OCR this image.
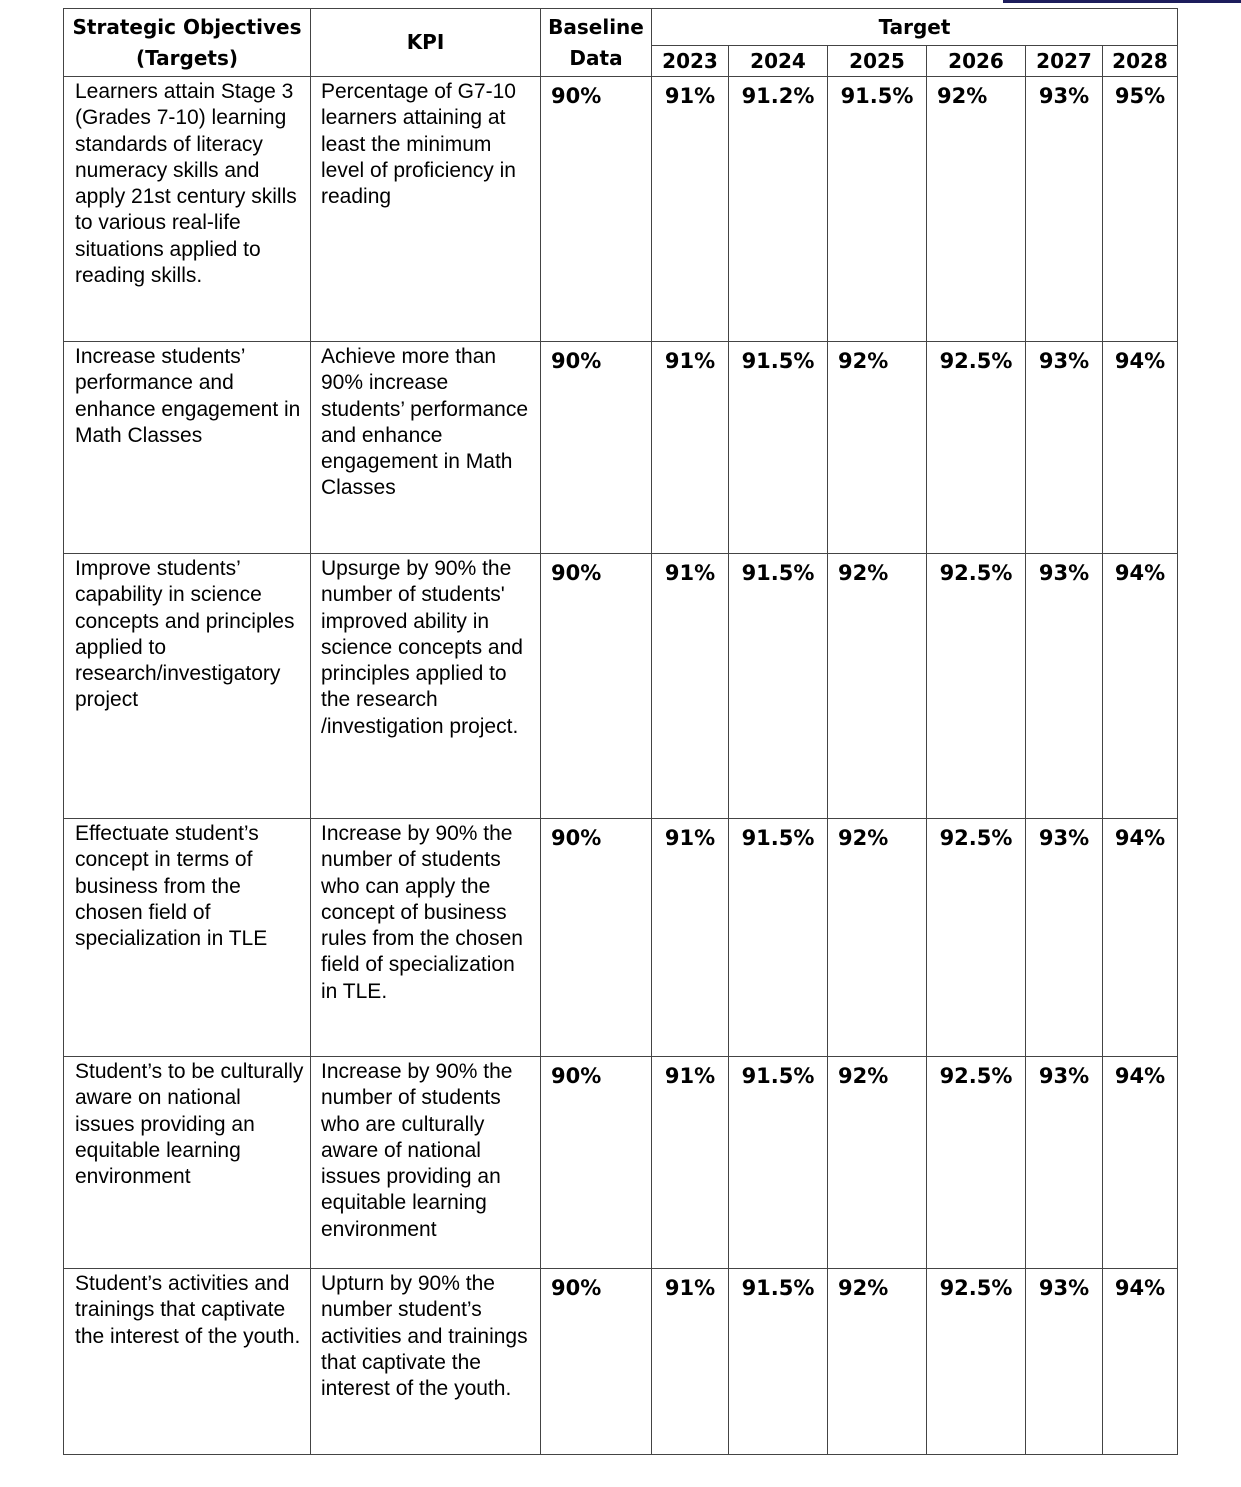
Strategic Objectives (Targets)	KPI	Baseline Data	Target					
			2023	2024	2025	2026	2027	2028
Learners attain Stage 3 (Grades 7-10) learning standards of literacy numeracy skills and apply 21st century skills to various real-life situations applied to reading skills.	Percentage of G7-10 learners attaining at least the minimum level of proficiency in reading	90%	91%	91.2%	91.5%	92%	93%	95%
Increase students’ performance and enhance engagement in Math Classes	Achieve more than 90% increase students’ performance and enhance engagement in Math Classes	90%	91%	91.5%	92%	92.5%	93%	94%
Improve students’ capability in science concepts and principles applied to research/investigatory project	Upsurge by 90% the number of students' improved ability in science concepts and principles applied to the research /investigation project.	90%	91%	91.5%	92%	92.5%	93%	94%
Effectuate student’s concept in terms of business from the chosen field of specialization in TLE	Increase by 90% the number of students who can apply the concept of business rules from the chosen field of specialization in TLE.	90%	91%	91.5%	92%	92.5%	93%	94%
Student’s to be culturally aware on national issues providing an equitable learning environment	Increase by 90% the number of students who are culturally aware of national issues providing an equitable learning environment	90%	91%	91.5%	92%	92.5%	93%	94%
Student’s activities and trainings that captivate the interest of the youth.	Upturn by 90% the number student’s activities and trainings that captivate the interest of the youth.	90%	91%	91.5%	92%	92.5%	93%	94%
